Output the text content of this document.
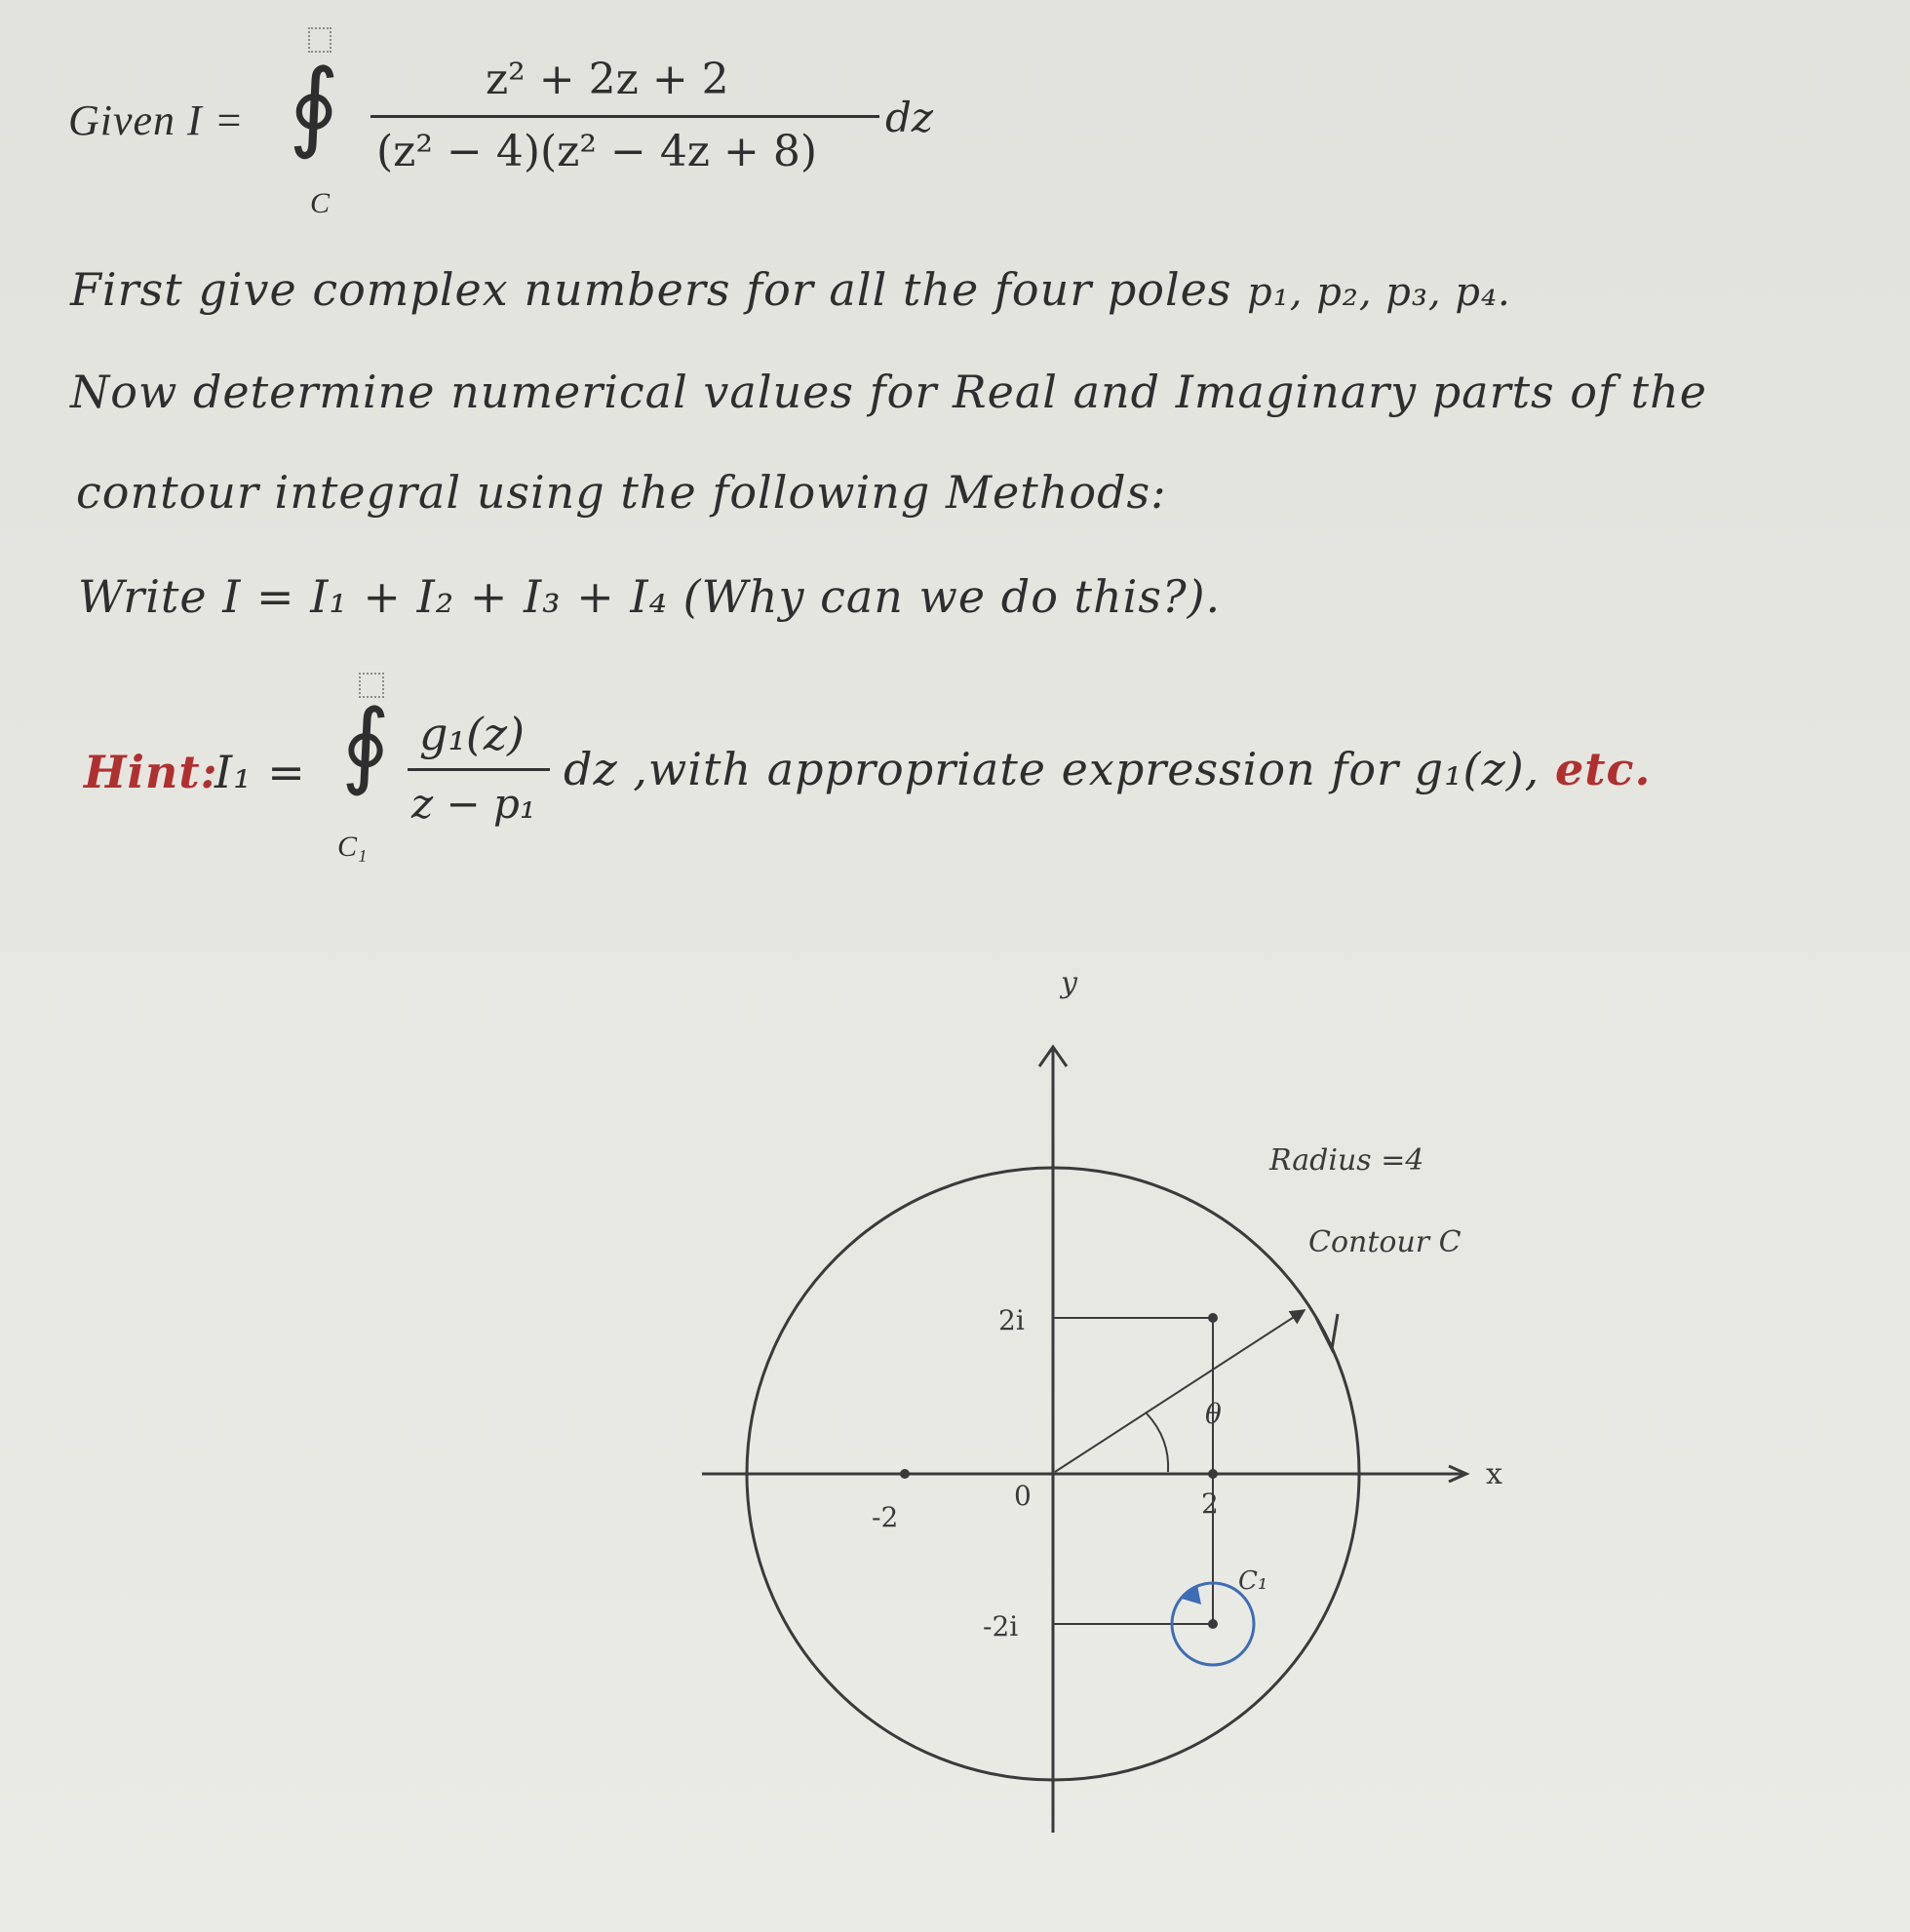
Given I = ∮
C
z² + 2z + 2
(z² − 4)(z² − 4z + 8)
dz
First give complex numbers for all the four poles p₁, p₂, p₃, p₄.
Now determine numerical values for Real and Imaginary parts of the
contour integral using the following Methods:
Write I = I₁ + I₂ + I₃ + I₄ (Why can we do this?).
Hint:
I₁ = ∮
C₁
g₁(z)
z − p₁
dz ,with appropriate expression for g₁(z), etc.
y
x
Radius =4
Contour C
θ
2i
-2i
-2
0	2
C₁
